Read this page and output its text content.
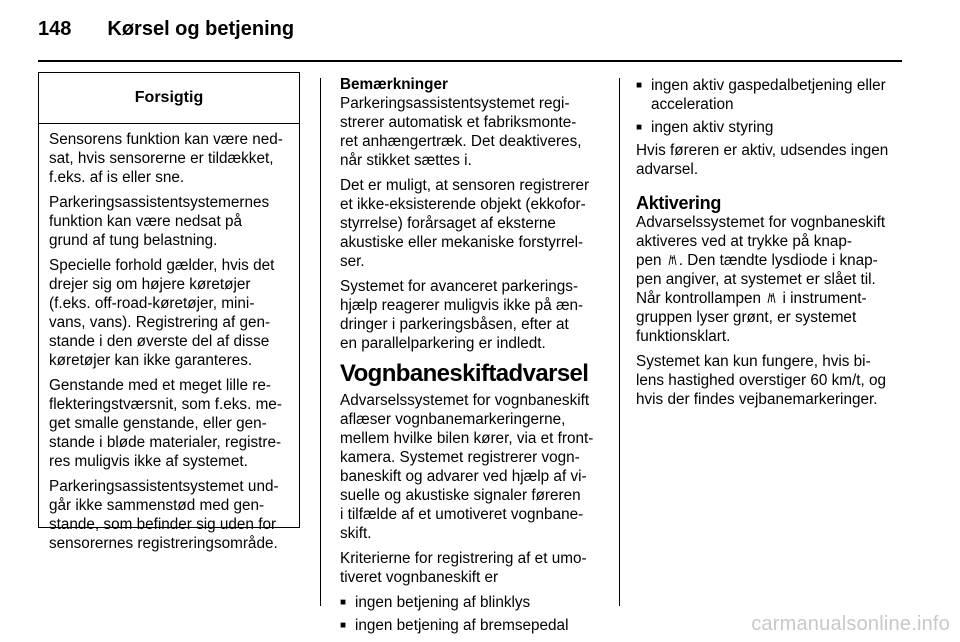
148 Kørsel og betjening
Forsigtig

Sensorens funktion kan være ned-
sat, hvis sensorerne er tildækket,
f.eks. af is eller sne.

Parkeringsassistentsystemernes
funktion kan være nedsat på
grund af tung belastning.

Specielle forhold gælder, hvis det
drejer sig om højere køretøjer
(f.eks. off-road-køretøjer, mini-
vans, vans). Registrering af gen-
stande i den øverste del af disse
køretøjer kan ikke garanteres.

Genstande med et meget lille re-
flekteringstværsnit, som f.eks. me-
get smalle genstande, eller gen-
stande i bløde materialer, registre-
res muligvis ikke af systemet.

Parkeringsassistentsystemet und-
går ikke sammenstød med gen-
stande, som befinder sig uden for
sensorernes registreringsområde.

Bemærkninger

Parkeringsassistentsystemet regi-
strerer automatisk et fabriksmonte-
ret anhængertræk. Det deaktiveres,
når stikket sættes i.

Det er muligt, at sensoren registrerer
et ikke-eksisterende objekt (ekkofor-
styrrelse) forårsaget af eksterne
akustiske eller mekaniske forstyrrel-
ser.

Systemet for avanceret parkerings-
hjælp reagerer muligvis ikke på æn-
dringer i parkeringsbåsen, efter at
en parallelparkering er indledt.

Vognbaneskiftadvarsel

Advarselssystemet for vognbaneskift
aflæser vognbanemarkeringerne,
mellem hvilke bilen kører, via et front-
kamera. Systemet registrerer vogn-
baneskift og advarer ved hjælp af vi-
suelle og akustiske signaler føreren
i tilfælde af et umotiveret vognbane-
skift.

Kriterierne for registrering af et umo-
tiveret vognbaneskift er

■ ingen betjening af blinklys
■ ingen betjening af bremsepedal
■ ingen aktiv gaspedalbetjening eller
acceleration
■ ingen aktiv styring

Hvis føreren er aktiv, udsendes ingen
advarsel.

Aktivering

Advarselssystemet for vognbaneskift
aktiveres ved at trykke på knap-
pen . Den tændte lysdiode i knap-
pen angiver, at systemet er slået til.
Når kontrollampen i instrument-
gruppen lyser grønt, er systemet
funktionsklart.

Systemet kan kun fungere, hvis bi-
lens hastighed overstiger 60 km/t, og
hvis der findes vejbanemarkeringer.

carmanualsonline.info
